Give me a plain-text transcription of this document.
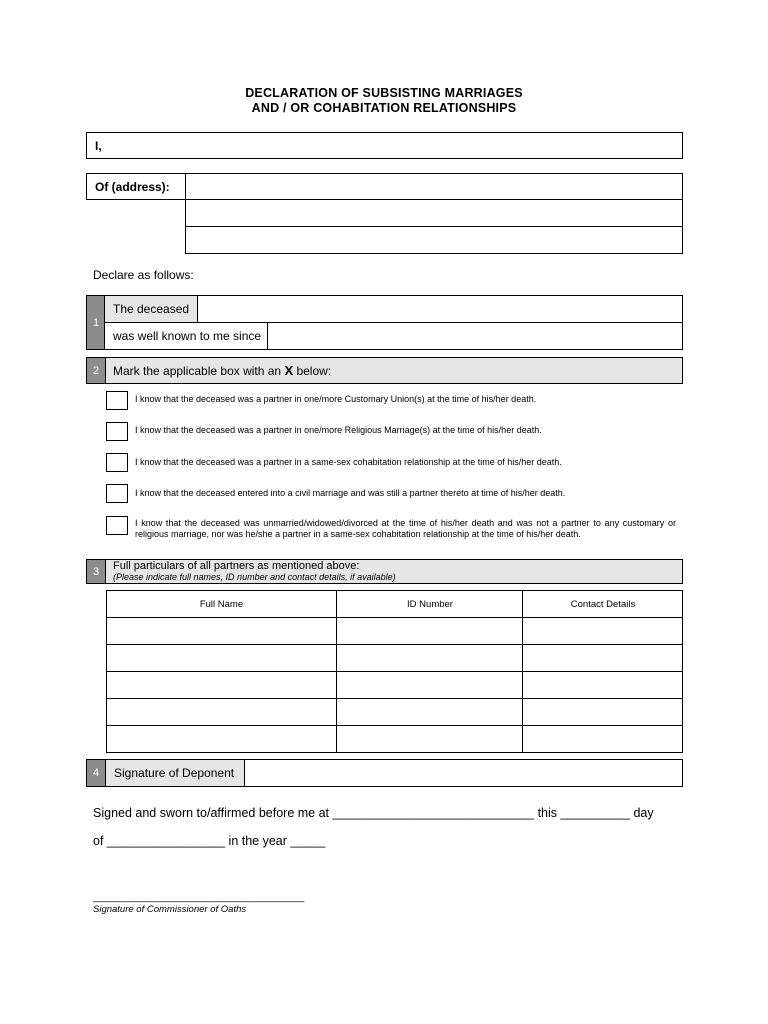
DECLARATION OF SUBSISTING MARRIAGES
AND / OR COHABITATION RELATIONSHIPS
I,
Of (address):
Declare as follows:
1
The deceased
was well known to me since
2	Mark the applicable box with an X below:
I know that the deceased was a partner in one/more Customary Union(s) at the time of his/her death.
I know that the deceased was a partner in one/more Religious Marriage(s) at the time of his/her death.
I know that the deceased was a partner in a same-sex cohabitation relationship at the time of his/her death.
I know that the deceased entered into a civil marriage and was still a partner thereto at time of his/her death.
I know that the deceased was unmarried/widowed/divorced at the time of his/her death and was not a partner to any customary or religious marriage, nor was he/she a partner in a same-sex cohabitation relationship at the time of his/her death.
3	Full particulars of all partners as mentioned above:
(Please indicate full names, ID number and contact details, if available)
Full Name	ID Number	Contact Details
4	Signature of Deponent
Signed and sworn to/affirmed before me at _____________________________ this __________ day
of _________________ in the year _____
______________________________________
Signature of Commissioner of Oaths
